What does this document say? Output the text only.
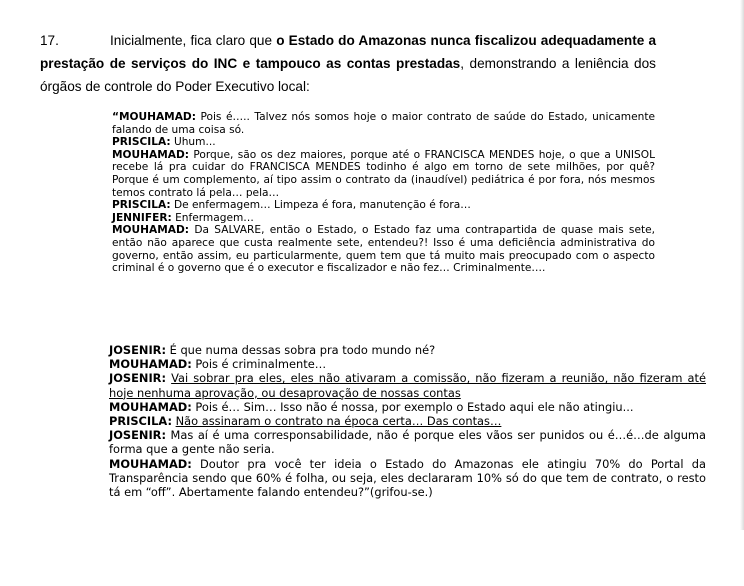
17.	Inicialmente, fica claro que o Estado do Amazonas nunca fiscalizou adequadamente a prestação de serviços do INC e tampouco as contas prestadas, demonstrando a leniência dos órgãos de controle do Poder Executivo local:
“MOUHAMAD: Pois é….. Talvez nós somos hoje o maior contrato de saúde do Estado, unicamente falando de uma coisa só.
PRISCILA: Uhum...
MOUHAMAD: Porque, são os dez maiores, porque até o FRANCISCA MENDES hoje, o que a UNISOL recebe lá pra cuidar do FRANCISCA MENDES todinho é algo em torno de sete milhões, por quê? Porque é um complemento, aí tipo assim o contrato da (inaudível) pediátrica é por fora, nós mesmos temos contrato lá pela… pela…
PRISCILA: De enfermagem… Limpeza é fora, manutenção é fora…
JENNIFER: Enfermagem…
MOUHAMAD: Da SALVARE, então o Estado, o Estado faz uma contrapartida de quase mais sete, então não aparece que custa realmente sete, entendeu?! Isso é uma deficiência administrativa do governo, então assim, eu particularmente, quem tem que tá muito mais preocupado com o aspecto criminal é o governo que é o executor e fiscalizador e não fez… Criminalmente….
JOSENIR: É que numa dessas sobra pra todo mundo né?
MOUHAMAD: Pois é criminalmente…
JOSENIR: Vai sobrar pra eles, eles não ativaram a comissão, não fizeram a reunião, não fizeram até hoje nenhuma aprovação, ou desaprovação de nossas contas
MOUHAMAD: Pois é… Sim… Isso não é nossa, por exemplo o Estado aqui ele não atingiu...
PRISCILA: Não assinaram o contrato na época certa… Das contas…
JOSENIR: Mas aí é uma corresponsabilidade, não é porque eles vãos ser punidos ou é…é…de alguma forma que a gente não seria.
MOUHAMAD: Doutor pra você ter ideia o Estado do Amazonas ele atingiu 70% do Portal da Transparência sendo que 60% é folha, ou seja, eles declararam 10% só do que tem de contrato, o resto tá em “off”. Abertamente falando entendeu?”(grifou-se.)
